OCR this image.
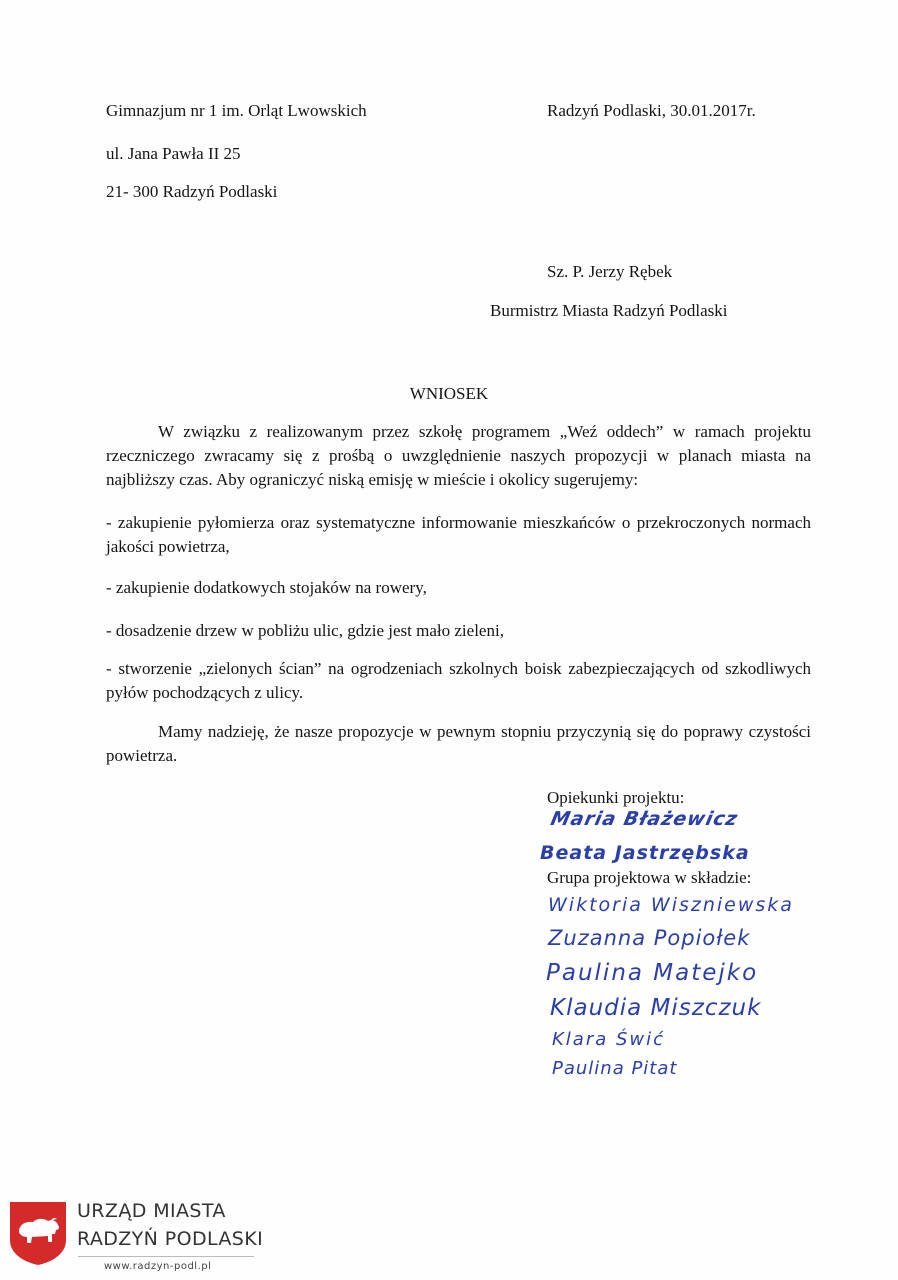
Gimnazjum nr 1 im. Orląt Lwowskich
ul. Jana Pawła II 25
21- 300 Radzyń Podlaski
Radzyń Podlaski, 30.01.2017r.
Sz. P. Jerzy Rębek
Burmistrz Miasta Radzyń Podlaski
WNIOSEK
W związku z realizowanym przez szkołę programem „Weź oddech” w ramach projektu rzeczniczego zwracamy się z prośbą o uwzględnienie naszych propozycji w planach miasta na najbliższy czas. Aby ograniczyć niską emisję w mieście i okolicy sugerujemy:
- zakupienie pyłomierza oraz systematyczne informowanie mieszkańców o przekroczonych normach jakości powietrza,
- zakupienie dodatkowych stojaków na rowery,
- dosadzenie drzew w pobliżu ulic, gdzie jest mało zieleni,
- stworzenie „zielonych ścian” na ogrodzeniach szkolnych boisk zabezpieczających od szkodliwych pyłów pochodzących z ulicy.
Mamy nadzieję, że nasze propozycje w pewnym stopniu przyczynią się do poprawy czystości powietrza.
Opiekunki projektu:
Maria Błażewicz
Beata Jastrzębska
Grupa projektowa w składzie:
Wiktoria Wiszniewska
Zuzanna Popiołek
Paulina Matejko
Klaudia Miszczuk
Klara Świć
Paulina Pitat
URZĄD MIASTA
RADZYŃ PODLASKI
www.radzyn-podl.pl
